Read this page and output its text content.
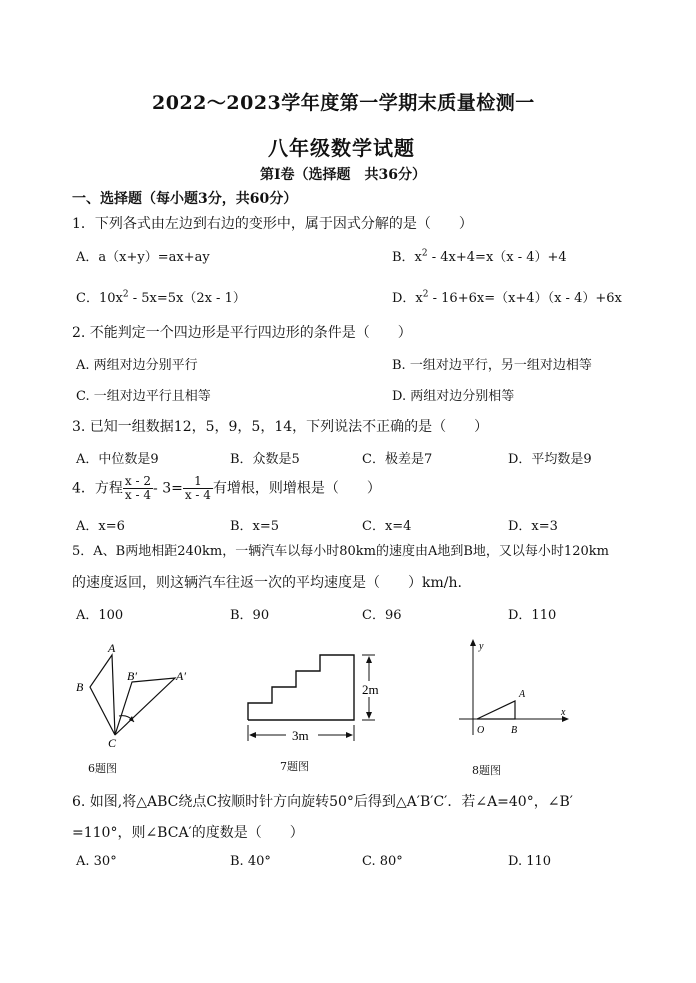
2022～2023学年度第一学期末质量检测一
八年级数学试题
第Ⅰ卷（选择题　共36分）
一、选择题（每小题3分，共60分）
1．下列各式由左边到右边的变形中，属于因式分解的是（　　）
A．a（x+y）=ax+ay	B．$x^2 - 4x+4=x(x - 4)+4$
C．$10x^2 - 5x=5x(2x - 1)$	D．$x^2 - 16+6x=(x+4)(x - 4)+6x$
2. 不能判定一个四边形是平行四边形的条件是（　　）
A. 两组对边分别平行	B. 一组对边平行，另一组对边相等
C. 一组对边平行且相等	D. 两组对边分别相等
3. 已知一组数据12，5，9，5，14，下列说法不正确的是（　　）
A．中位数是9	B．众数是5	C．极差是7	D．平均数是9
4．方程 $\frac{x - 2}{x - 4} - 3= \frac{1}{x - 4}$ 有增根，则增根是（　　）
A．x=6	B．x=5	C．x=4	D．x=3
5．A、B两地相距240km，一辆汽车以每小时80km的速度由A地到B地，又以每小时120km
的速度返回，则这辆汽车往返一次的平均速度是（　　）km/h.
A．100	B．90	C．96	D．110
A
B
C
A′
B′
6题图
2m
3m
7题图
y
x
O
A
B
8题图
6. 如图,将△ABC绕点C按顺时针方向旋转50°后得到△A′B′C′．若∠A=40°，∠B′
=110°，则∠BCA′的度数是（　　）
A. 30°	B. 40°	C. 80°	D. 110
